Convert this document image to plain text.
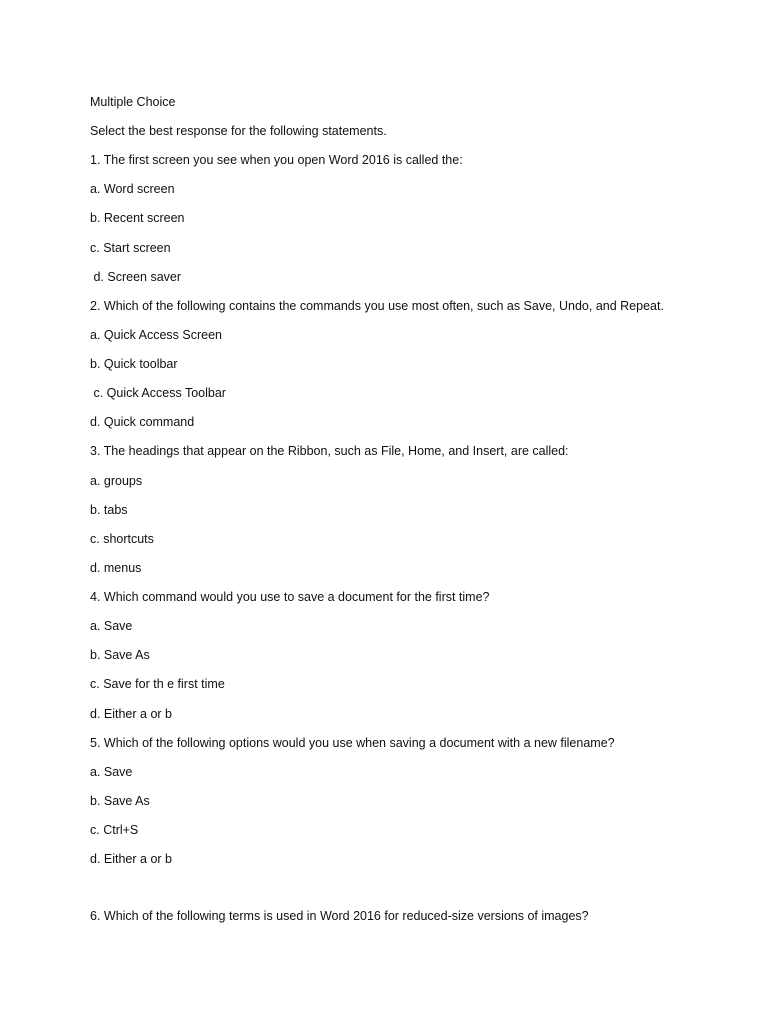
Multiple Choice
Select the best response for the following statements.
1. The first screen you see when you open Word 2016 is called the:
a. Word screen
b. Recent screen
c. Start screen
d. Screen saver
2. Which of the following contains the commands you use most often, such as Save, Undo, and Repeat.
a. Quick Access Screen
b. Quick toolbar
c. Quick Access Toolbar
d. Quick command
3. The headings that appear on the Ribbon, such as File, Home, and Insert, are called:
a. groups
b. tabs
c. shortcuts
d. menus
4. Which command would you use to save a document for the first time?
a. Save
b. Save As
c. Save for th e first time
d. Either a or b
5. Which of the following options would you use when saving a document with a new filename?
a. Save
b. Save As
c. Ctrl+S
d. Either a or b
6. Which of the following terms is used in Word 2016 for reduced-size versions of images?
